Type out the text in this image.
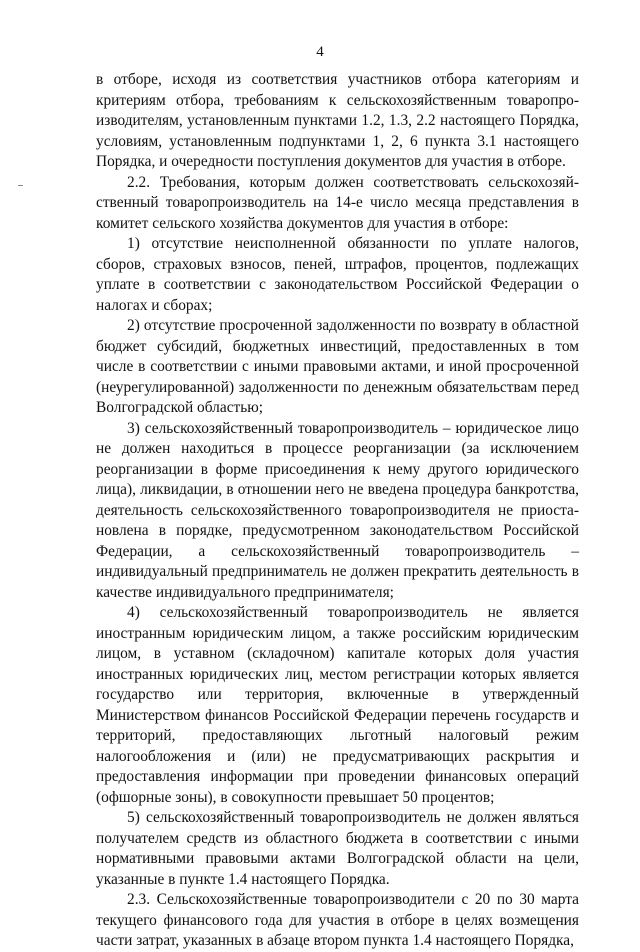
4

в отборе, исходя из соответствия участников отбора категориям и критериям отбора, требованиям к сельскохозяйственным товаропро-изводителям, установленным пунктами 1.2, 1.3, 2.2 настоящего Порядка, условиям, установленным подпунктами 1, 2, 6 пункта 3.1 настоящего Порядка, и очередности поступления документов для участия в отборе.

2.2. Требования, которым должен соответствовать сельскохозяй-ственный товаропроизводитель на 14-е число месяца представления в комитет сельского хозяйства документов для участия в отборе:

1) отсутствие неисполненной обязанности по уплате налогов, сборов, страховых взносов, пеней, штрафов, процентов, подлежащих уплате в соответствии с законодательством Российской Федерации о налогах и сборах;

2) отсутствие просроченной задолженности по возврату в областной бюджет субсидий, бюджетных инвестиций, предоставленных в том числе в соответствии с иными правовыми актами, и иной просроченной (неурегулированной) задолженности по денежным обязательствам перед Волгоградской областью;

3) сельскохозяйственный товаропроизводитель – юридическое лицо не должен находиться в процессе реорганизации (за исключением реорганизации в форме присоединения к нему другого юридического лица), ликвидации, в отношении него не введена процедура банкротства, деятельность сельскохозяйственного товаропроизводителя не приоста-новлена в порядке, предусмотренном законодательством Российской Федерации, а сельскохозяйственный товаропроизводитель – индивидуальный предприниматель не должен прекратить деятельность в качестве индивидуального предпринимателя;

4) сельскохозяйственный товаропроизводитель не является иностранным юридическим лицом, а также российским юридическим лицом, в уставном (складочном) капитале которых доля участия иностранных юридических лиц, местом регистрации которых является государство или территория, включенные в утвержденный Министерством финансов Российской Федерации перечень государств и территорий, предоставляющих льготный налоговый режим налогообложения и (или) не предусматривающих раскрытия и предоставления информации при проведении финансовых операций (офшорные зоны), в совокупности превышает 50 процентов;

5) сельскохозяйственный товаропроизводитель не должен являться получателем средств из областного бюджета в соответствии с иными нормативными правовыми актами Волгоградской области на цели, указанные в пункте 1.4 настоящего Порядка.

2.3. Сельскохозяйственные товаропроизводители с 20 по 30 марта текущего финансового года для участия в отборе в целях возмещения части затрат, указанных в абзаце втором пункта 1.4 настоящего Порядка,
